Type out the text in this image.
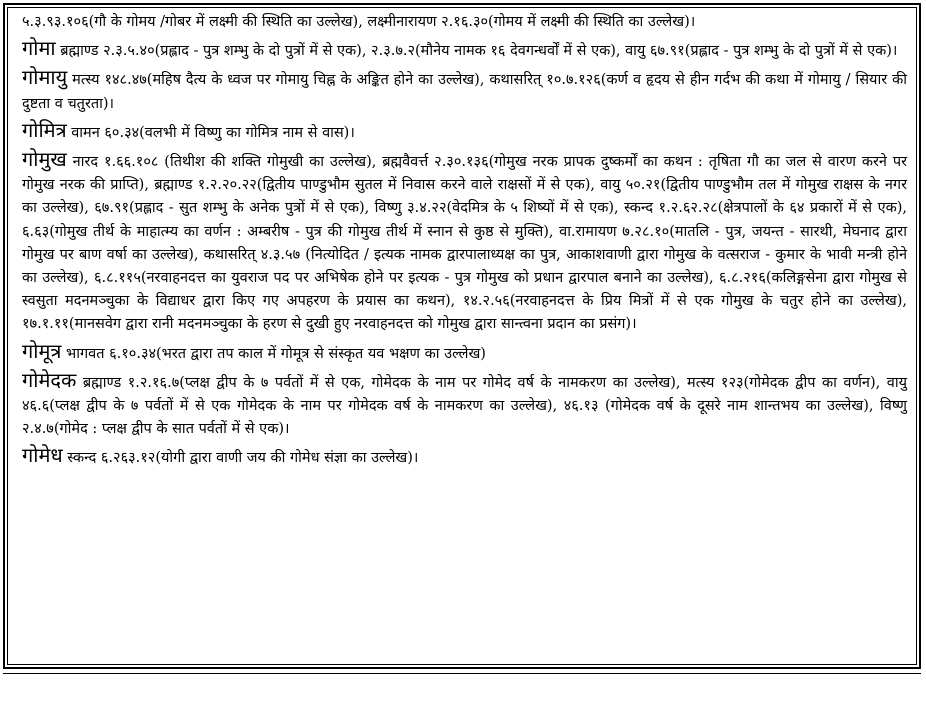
५.३.९३.१०६(गौ के गोमय /गोबर में लक्ष्मी की स्थिति का उल्लेख), लक्ष्मीनारायण २.१६.३०(गोमय में लक्ष्मी की स्थिति का उल्लेख)।

गोमा ब्रह्माण्ड २.३.५.४०(प्रह्लाद - पुत्र शम्भु के दो पुत्रों में से एक), २.३.७.२(मौनेय नामक १६ देवगन्धर्वों में से एक), वायु ६७.९१(प्रह्लाद - पुत्र शम्भु के दो पुत्रों में से एक)।

गोमायु मत्स्य १४८.४७(महिष दैत्य के ध्वज पर गोमायु चिह्न के अङ्कित होने का उल्लेख), कथासरित् १०.७.१२६(कर्ण व हृदय से हीन गर्दभ की कथा में गोमायु / सियार की दुष्टता व चतुरता)।

गोमित्र वामन ६०.३४(वलभी में विष्णु का गोमित्र नाम से वास)।

गोमुख नारद १.६६.१०८ (तिथीश की शक्ति गोमुखी का उल्लेख), ब्रह्मवैवर्त्त २.३०.१३६(गोमुख नरक प्रापक दुष्कर्मों का कथन : तृषिता गौ का जल से वारण करने पर गोमुख नरक की प्राप्ति), ब्रह्माण्ड १.२.२०.२२(द्वितीय पाण्डुभौम सुतल में निवास करने वाले राक्षसों में से एक), वायु ५०.२१(द्वितीय पाण्डुभौम तल में गोमुख राक्षस के नगर का उल्लेख), ६७.९१(प्रह्लाद - सुत शम्भु के अनेक पुत्रों में से एक), विष्णु ३.४.२२(वेदमित्र के ५ शिष्यों में से एक), स्कन्द १.२.६२.२८(क्षेत्रपालों के ६४ प्रकारों में से एक), ६.६३(गोमुख तीर्थ के माहात्म्य का वर्णन : अम्बरीष - पुत्र की गोमुख तीर्थ में स्नान से कुष्ठ से मुक्ति), वा.रामायण ७.२८.१०(मातलि - पुत्र, जयन्त - सारथी, मेघनाद द्वारा गोमुख पर बाण वर्षा का उल्लेख), कथासरित् ४.३.५७ (नित्योदित / इत्यक नामक द्वारपालाध्यक्ष का पुत्र, आकाशवाणी द्वारा गोमुख के वत्सराज - कुमार के भावी मन्त्री होने का उल्लेख), ६.८.११५(नरवाहनदत्त का युवराज पद पर अभिषेक होने पर इत्यक - पुत्र गोमुख को प्रधान द्वारपाल बनाने का उल्लेख), ६.८.२१६(कलिङ्गसेना द्वारा गोमुख से स्वसुता मदनमञ्चुका के विद्याधर द्वारा किए गए अपहरण के प्रयास का कथन), १४.२.५६(नरवाहनदत्त के प्रिय मित्रों में से एक गोमुख के चतुर होने का उल्लेख), १७.१.११(मानसवेग द्वारा रानी मदनमञ्चुका के हरण से दुखी हुए नरवाहनदत्त को गोमुख द्वारा सान्त्वना प्रदान का प्रसंग)।

गोमूत्र भागवत ६.१०.३४(भरत द्वारा तप काल में गोमूत्र से संस्कृत यव भक्षण का उल्लेख)

गोमेदक ब्रह्माण्ड १.२.१६.७(प्लक्ष द्वीप के ७ पर्वतों में से एक, गोमेदक के नाम पर गोमेद वर्ष के नामकरण का उल्लेख), मत्स्य १२३(गोमेदक द्वीप का वर्णन), वायु ४६.६(प्लक्ष द्वीप के ७ पर्वतों में से एक गोमेदक के नाम पर गोमेदक वर्ष के नामकरण का उल्लेख), ४६.१३ (गोमेदक वर्ष के दूसरे नाम शान्तभय का उल्लेख), विष्णु २.४.७(गोमेद : प्लक्ष द्वीप के सात पर्वतों में से एक)।

गोमेध स्कन्द ६.२६३.१२(योगी द्वारा वाणी जय की गोमेध संज्ञा का उल्लेख)।
